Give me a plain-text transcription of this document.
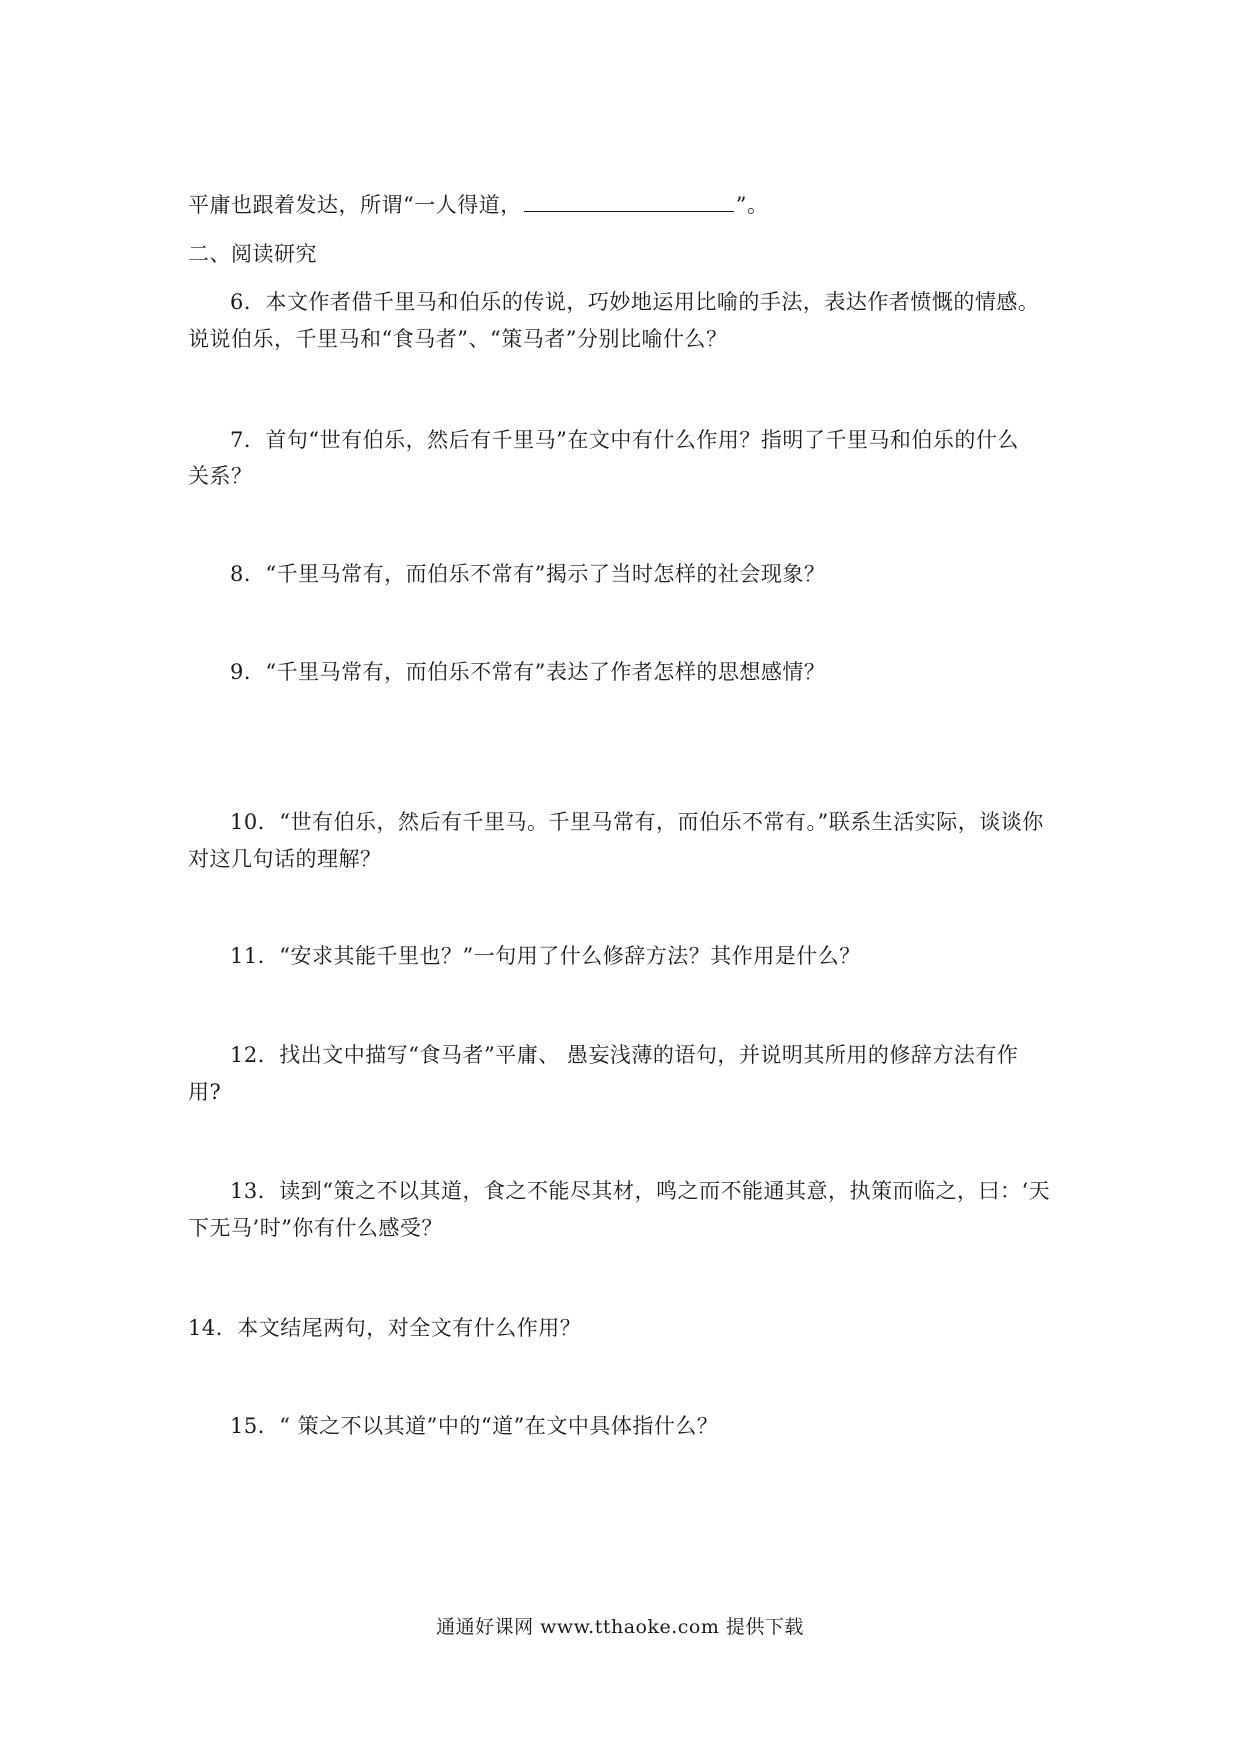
平庸也跟着发达，所谓“一人得道，	”。
二、阅读研究
6．本文作者借千里马和伯乐的传说，巧妙地运用比喻的手法，表达作者愤慨的情感。
说说伯乐，千里马和“食马者”、“策马者”分别比喻什么？
7．首句“世有伯乐，然后有千里马”在文中有什么作用？指明了千里马和伯乐的什么
关系？
8．“千里马常有，而伯乐不常有”揭示了当时怎样的社会现象？
9．“千里马常有，而伯乐不常有”表达了作者怎样的思想感情？
10．“世有伯乐，然后有千里马。千里马常有，而伯乐不常有。”联系生活实际，谈谈你
对这几句话的理解？
11．“安求其能千里也？”一句用了什么修辞方法？其作用是什么？
12．找出文中描写“食马者”平庸、 愚妄浅薄的语句，并说明其所用的修辞方法有作
用?
13．读到“策之不以其道，食之不能尽其材，鸣之而不能通其意，执策而临之，曰：‘天
下无马’时”你有什么感受？
14．本文结尾两句，对全文有什么作用？
15．“ 策之不以其道”中的“道”在文中具体指什么？
通通好课网 www.tthaoke.com 提供下载
